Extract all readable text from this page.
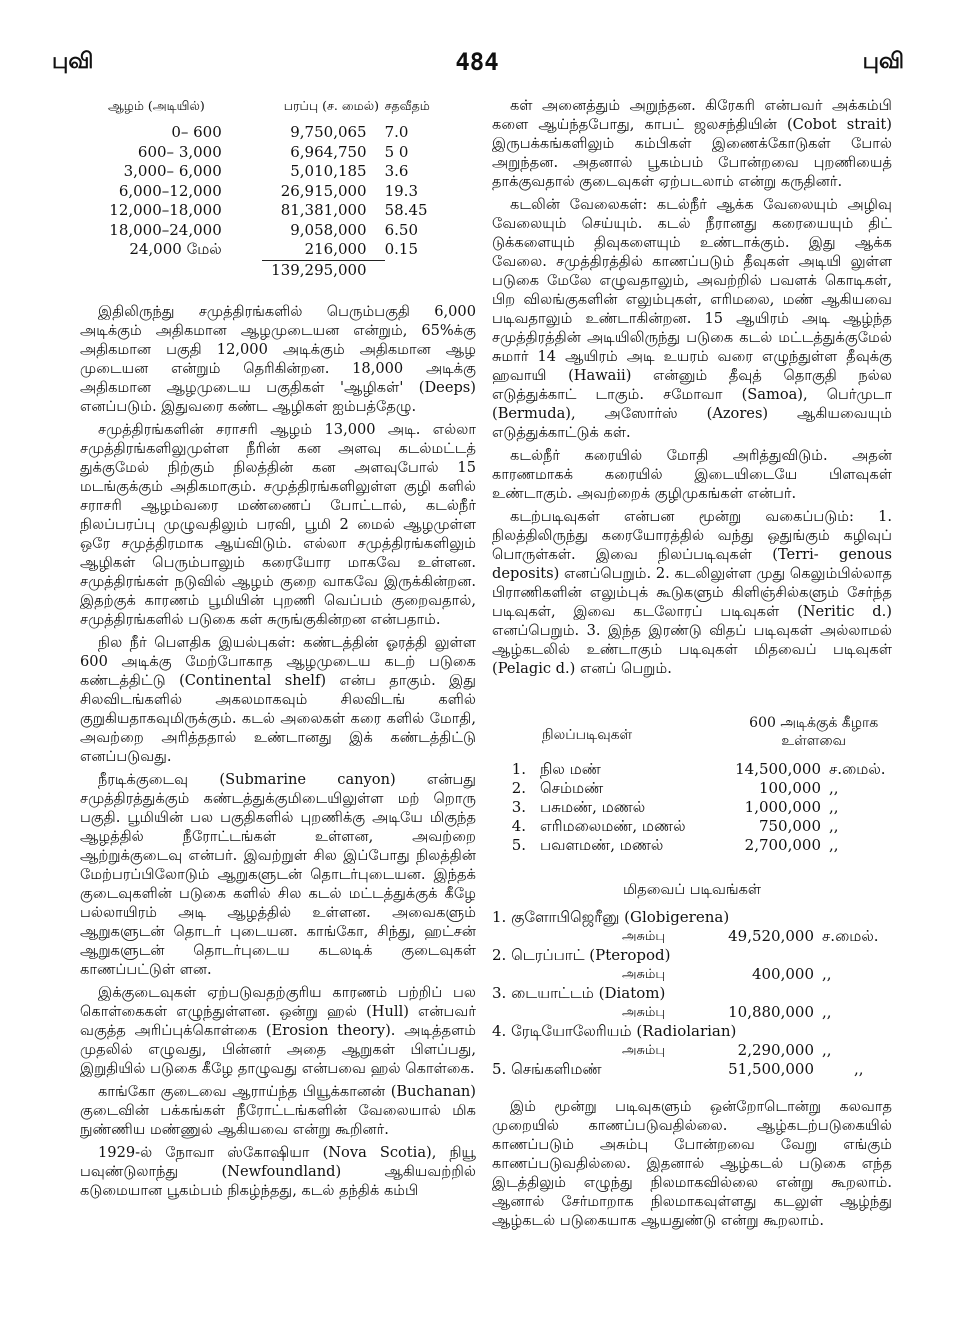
புவி	484	புவி
ஆழம் (அடியில்)	பரப்பு (ச. மைல்)	சதவீதம்
0– 600	9,750,065	7.0
600– 3,000	6,964,750	5 0
3,000– 6,000	5,010,185	3.6
6,000–12,000	26,915,000	19.3
12,000–18,000	81,381,000	58.45
18,000–24,000	9,058,000	6.50
24,000 மேல்	216,000	0.15
	139,295,000	

இதிலிருந்து சமுத்திரங்களில் பெரும்பகுதி 6,000 அடிக்கும் அதிகமான ஆழமுடையன என்றும், 65%க்கு அதிகமான பகுதி 12,000 அடிக்கும் அதிகமான ஆழ முடையன என்றும் தெரிகின்றன. 18,000 அடிக்கு அதிகமான ஆழமுடைய பகுதிகள் 'ஆழிகள்' (Deeps) எனப்படும். இதுவரை கண்ட ஆழிகள் ஐம்பத்தேழு.

சமுத்திரங்களின் சராசரி ஆழம் 13,000 அடி. எல்லா சமுத்திரங்களிலுமுள்ள நீரின் கன அளவு கடல்மட்டத் துக்குமேல் நிற்கும் நிலத்தின் கன அளவுபோல் 15 மடங்குக்கும் அதிகமாகும். சமுத்திரங்களிலுள்ள குழி களில் சராசரி ஆழம்வரை மண்ணைப் போட்டால், கடல்நீர் நிலப்பரப்பு முழுவதிலும் பரவி, பூமி 2 மைல் ஆழமுள்ள ஒரே சமுத்திரமாக ஆய்விடும். எல்லா சமுத்திரங்களிலும் ஆழிகள் பெரும்பாலும் கரையோர மாகவே உள்ளன. சமுத்திரங்கள் நடுவில் ஆழம் குறை வாகவே இருக்கின்றன. இதற்குக் காரணம் பூமியின் புறணி வெப்பம் குறைவதால், சமுத்திரங்களில் படுகை கள் சுருங்குகின்றன என்பதாம்.

நில நீர் பௌதிக இயல்புகள்: கண்டத்தின் ஓரத்தி லுள்ள 600 அடிக்கு மேற்போகாத ஆழமுடைய கடற் படுகை கண்டத்திட்டு (Continental shelf) என்ப தாகும். இது சிலவிடங்களில் அகலமாகவும் சிலவிடங் களில் குறுகியதாகவுமிருக்கும். கடல் அலைகள் கரை களில் மோதி, அவற்றை அரித்ததால் உண்டானது இக் கண்டத்திட்டு எனப்படுவது.

நீரடிக்குடைவு (Submarine canyon) என்பது சமுத்திரத்துக்கும் கண்டத்துக்குமிடையிலுள்ள மற் றொரு பகுதி. பூமியின் பல பகுதிகளில் புறணிக்கு அடியே மிகுந்த ஆழத்தில் நீரோட்டங்கள் உள்ளன, அவற்றை ஆற்றுக்குடைவு என்பர். இவற்றுள் சில இப்போது நிலத்தின் மேற்பரப்பிலோடும் ஆறுகளுடன் தொடர்புடையன. இந்தக் குடைவுகளின் படுகை களில் சில கடல் மட்டத்துக்குக் கீழே பல்லாயிரம் அடி ஆழத்தில் உள்ளன. அவைகளும் ஆறுகளுடன் தொடர் புடையன. காங்கோ, சிந்து, ஹட்சன் ஆறுகளுடன் தொடர்புடைய கடலடிக் குடைவுகள் காணப்பட்டுள் ளன.

இக்குடைவுகள் ஏற்படுவதற்குரிய காரணம் பற்றிப் பல கொள்கைகள் எழுந்துள்ளன. ஒன்று ஹல் (Hull) என்பவர் வகுத்த அரிப்புக்கொள்கை (Erosion theory). அடித்தளம் முதலில் எழுவது, பின்னர் அதை ஆறுகள் பிளப்பது, இறுதியில் படுகை கீழே தாழுவது என்பவை ஹல் கொள்கை.

காங்கோ குடைவை ஆராய்ந்த பியூக்கானன் (Buchanan) குடைவின் பக்கங்கள் நீரோட்டங்களின் வேலையால் மிக நுண்ணிய மண்ணுல் ஆகியவை என்று கூறினர்.

1929-ல் நோவா ஸ்கோஷியா (Nova Scotia), நியூ பவுண்டுலாந்து (Newfoundland) ஆகியவற்றில் கடுமையான பூகம்பம் நிகழ்ந்தது, கடல் தந்திக் கம்பி

கள் அனைத்தும் அறுந்தன. கிரேகரி என்பவர் அக்கம்பி களை ஆய்ந்தபோது, காபட் ஜலசந்தியின் (Cobot strait) இருபக்கங்களிலும் கம்பிகள் இணைக்கோடுகள் போல் அறுந்தன. அதனால் பூகம்பம் போன்றவை புறணியைத் தாக்குவதால் குடைவுகள் ஏற்படலாம் என்று கருதினர்.

கடலின் வேலைகள்: கடல்நீர் ஆக்க வேலையும் அழிவு வேலையும் செய்யும். கடல் நீரானது கரையையும் திட் டுக்களையும் திவுகளையும் உண்டாக்கும். இது ஆக்க வேலை. சமுத்திரத்தில் காணப்படும் தீவுகள் அடியி லுள்ள படுகை மேலே எழுவதாலும், அவற்றில் பவளக் கொடிகள், பிற விலங்குகளின் எலும்புகள், எரிமலை, மண் ஆகியவை படிவதாலும் உண்டாகின்றன. 15 ஆயிரம் அடி ஆழ்ந்த சமுத்திரத்தின் அடியிலிருந்து படுகை கடல் மட்டத்துக்குமேல் சுமார் 14 ஆயிரம் அடி உயரம் வரை எழுந்துள்ள தீவுக்கு ஹவாயி (Hawaii) என்னும் தீவுத் தொகுதி நல்ல எடுத்துக்காட் டாகும். சமோவா (Samoa), பெர்முடா (Bermuda), அஸோர்ஸ் (Azores) ஆகியவையும் எடுத்துக்காட்டுக் கள்.

கடல்நீர் கரையில் மோதி அரித்துவிடும். அதன் காரணமாகக் கரையில் இடையிடையே பிளவுகள் உண்டாகும். அவற்றைக் குழிமுகங்கள் என்பர்.

கடற்படிவுகள் என்பன மூன்று வகைப்படும்: 1. நிலத்திலிருந்து கரையோரத்தில் வந்து ஒதுங்கும் கழிவுப் பொருள்கள். இவை நிலப்படிவுகள் (Terri- genous deposits) எனப்பெறும். 2. கடலிலுள்ள முது கெலும்பில்லாத பிராணிகளின் எலும்புக் கூடுகளும் கிளிஞ்சில்களும் சேர்ந்த படிவுகள், இவை கடலோரப் படிவுகள் (Neritic d.) எனப்பெறும். 3. இந்த இரண்டு விதப் படிவுகள் அல்லாமல் ஆழ்கடலில் உண்டாகும் படிவுகள் மிதவைப் படிவுகள் (Pelagic d.) எனப் பெறும்.

நிலப்படிவுகள்
600 அடிக்குக் கீழாக
உள்ளவை
1.	நில மண்	14,500,000	ச.மைல்.
2.	செம்மண்	100,000	,,
3.	பசுமண், மணல்	1,000,000	,,
4.	எரிமலைமண், மணல்	750,000	,,
5.	பவளமண், மணல்	2,700,000	,,
மிதவைப் படிவங்கள்
1. குளோபிஜெரீனு (Globigerena)
அசும்பு	49,520,000 ச.மைல்.
2. டெரப்பாட் (Pteropod)
அசும்பு	400,000 ,,
3. டையாட்டம் (Diatom)
அசும்பு	10,880,000 ,,
4. ரேடியோலேரியம் (Radiolarian)
அசும்பு	2,290,000 ,,
5. செங்களிமண்	51,500,000	,,

இம் மூன்று படிவுகளும் ஒன்றோடொன்று கலவாத முறையில் காணப்படுவதில்லை. ஆழ்கடற்படுகையில் காணப்படும் அசும்பு போன்றவை வேறு எங்கும் காணப்படுவதில்லை. இதனால் ஆழ்கடல் படுகை எந்த இடத்திலும் எழுந்து நிலமாகவில்லை என்று கூறலாம். ஆனால் சேர்மாறாக நிலமாகவுள்ளது கடலுள் ஆழ்ந்து ஆழ்கடல் படுகையாக ஆயதுண்டு என்று கூறலாம்.
